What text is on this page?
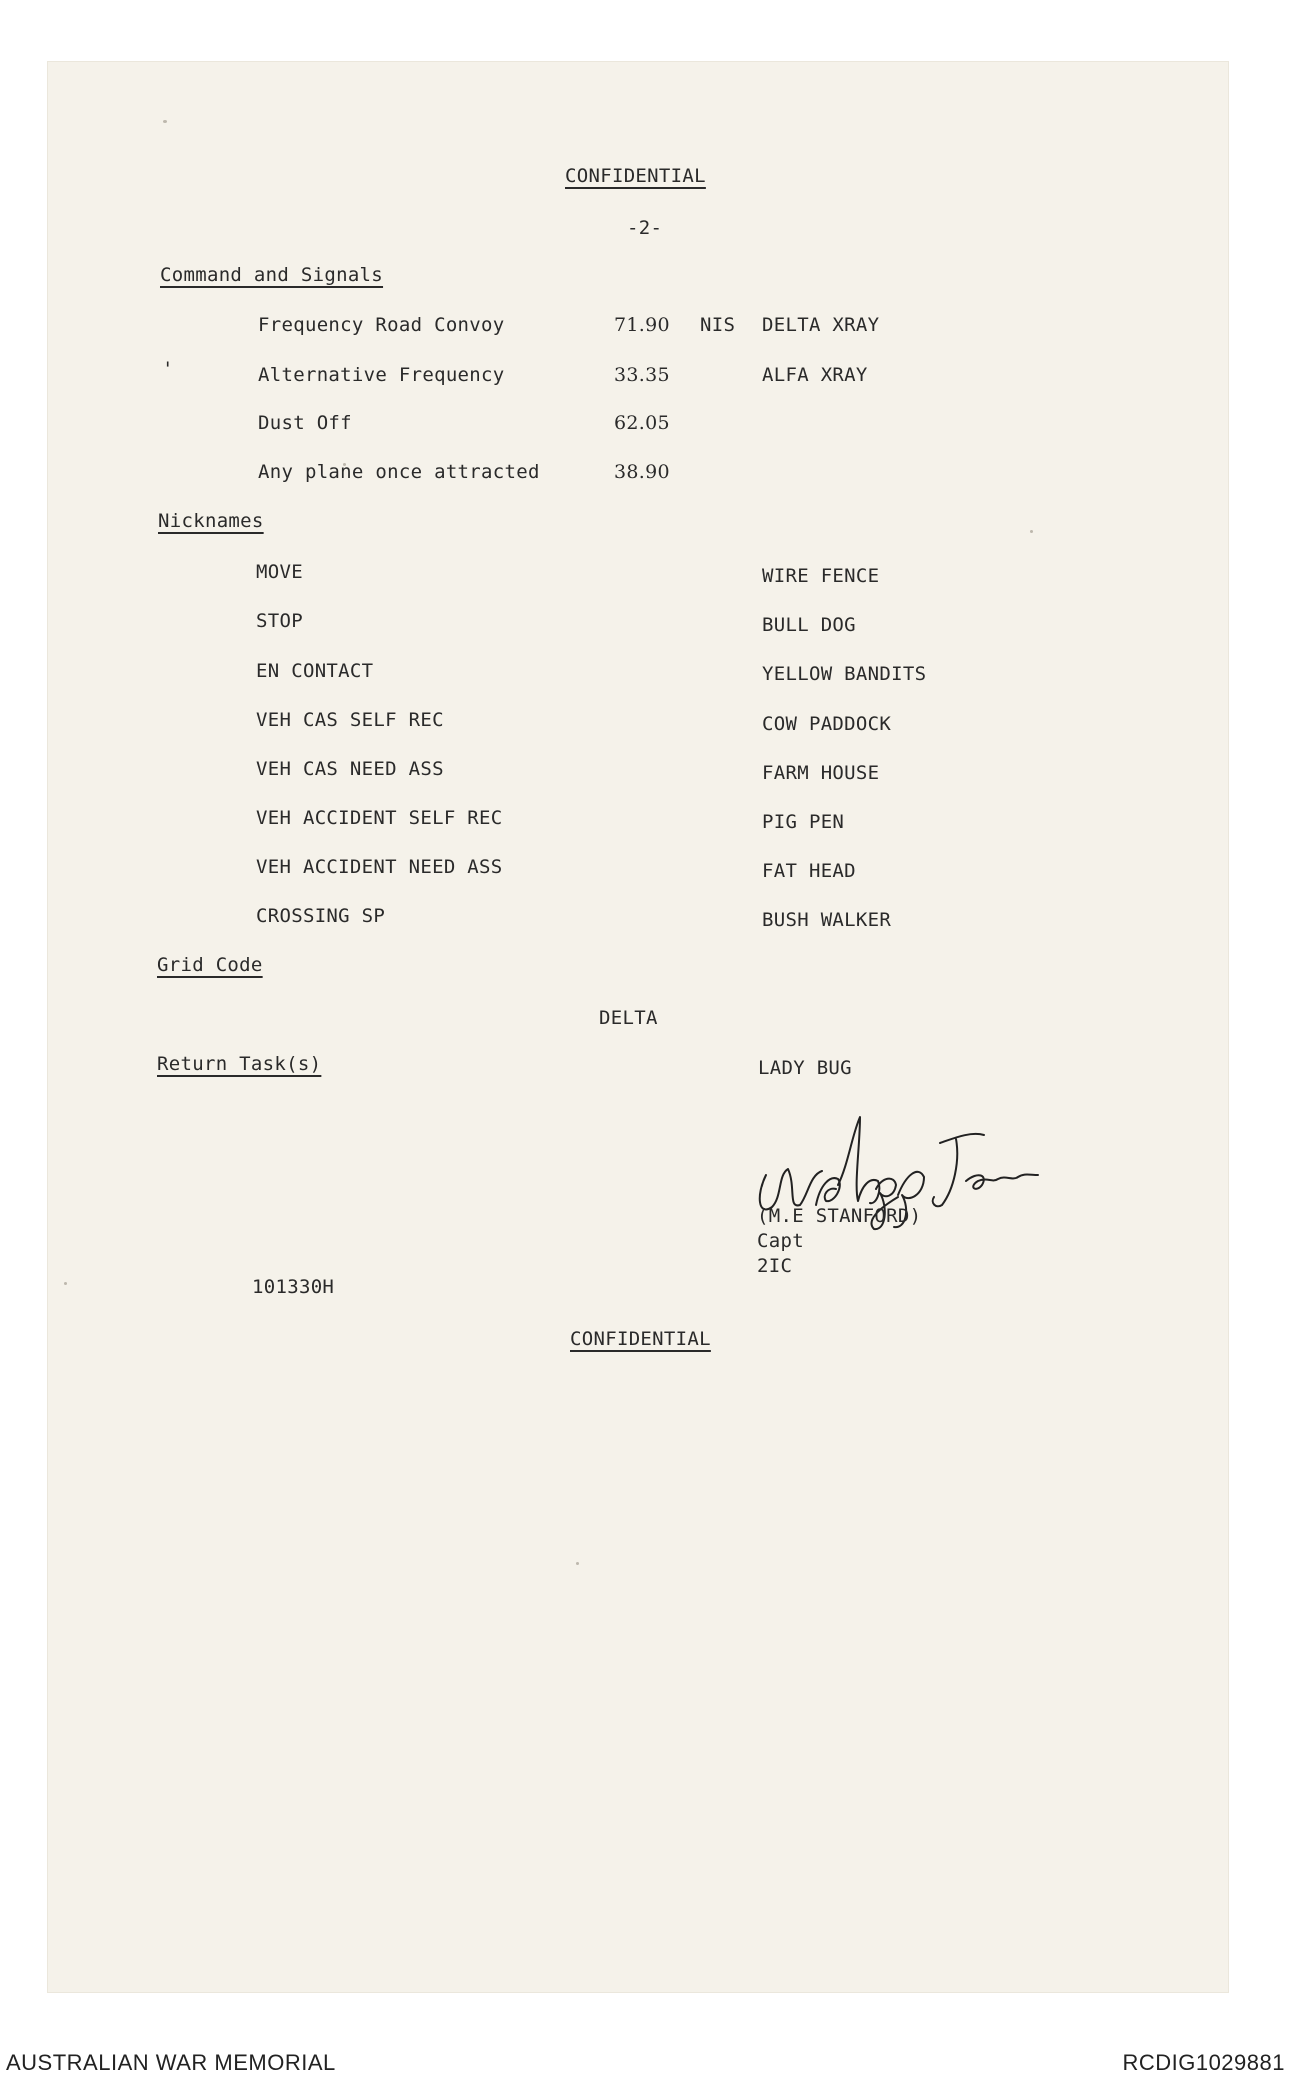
CONFIDENTIAL
-2-
Command and Signals
Frequency Road Convoy	71.90 NIS DELTA XRAY
Alternative Frequency	33.35	ALFA XRAY
Dust Off	62.05
Any plane once attracted	38.90
'
Nicknames
MOVE	WIRE FENCE
STOP	BULL DOG
EN CONTACT	YELLOW BANDITS
VEH CAS SELF REC	COW PADDOCK
VEH CAS NEED ASS	FARM HOUSE
VEH ACCIDENT SELF REC	PIG PEN
VEH ACCIDENT NEED ASS	FAT HEAD
CROSSING SP	BUSH WALKER
Grid Code
DELTA
Return Task(s)	LADY BUG
(M.E STANFORD)
Capt
2IC
101330H
CONFIDENTIAL
AUSTRALIAN WAR MEMORIAL	RCDIG1029881
